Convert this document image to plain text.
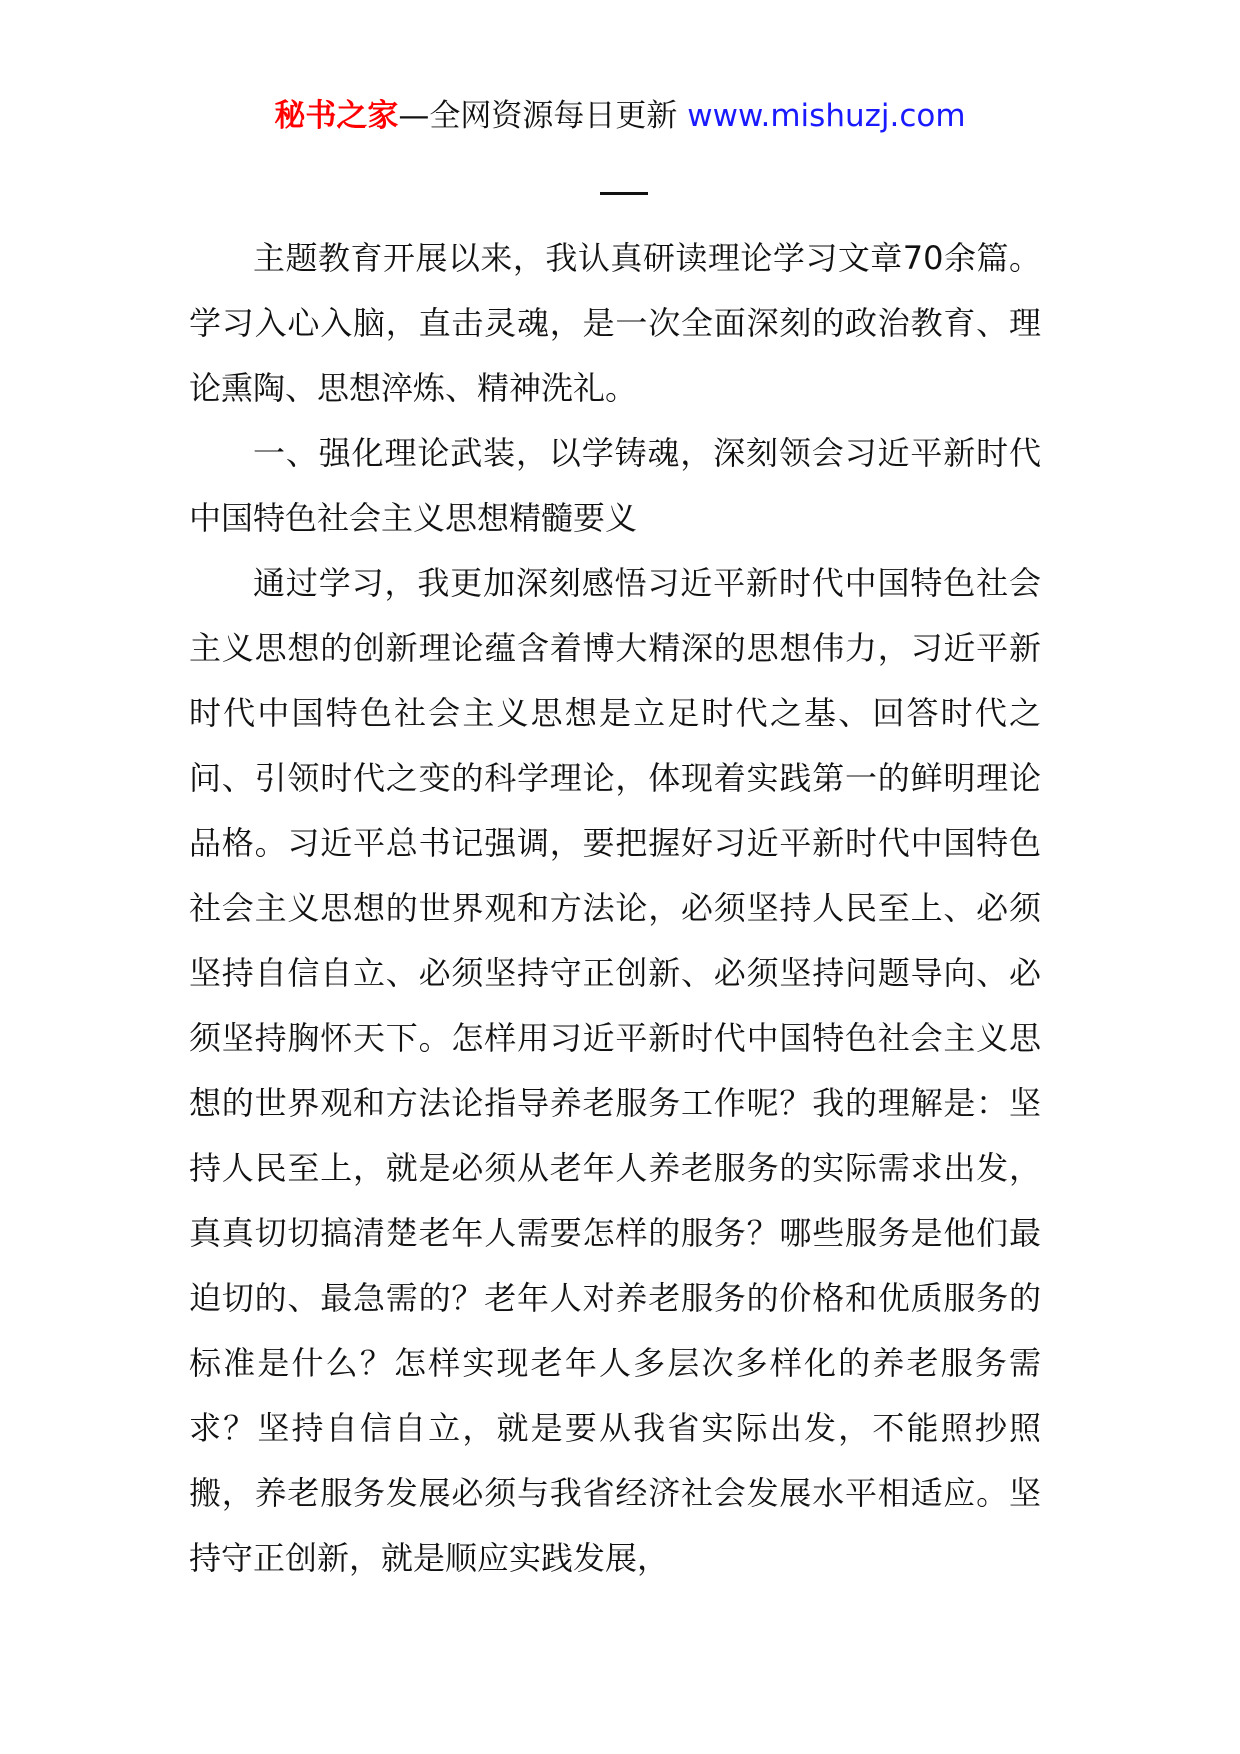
秘书之家—全网资源每日更新 www.mishuzj.com

主题教育开展以来，我认真研读理论学习文章70余篇。学习入心入脑，直击灵魂，是一次全面深刻的政治教育、理论熏陶、思想淬炼、精神洗礼。

一、强化理论武装，以学铸魂，深刻领会习近平新时代中国特色社会主义思想精髓要义

通过学习，我更加深刻感悟习近平新时代中国特色社会主义思想的创新理论蕴含着博大精深的思想伟力，习近平新时代中国特色社会主义思想是立足时代之基、回答时代之问、引领时代之变的科学理论，体现着实践第一的鲜明理论品格。习近平总书记强调，要把握好习近平新时代中国特色社会主义思想的世界观和方法论，必须坚持人民至上、必须坚持自信自立、必须坚持守正创新、必须坚持问题导向、必须坚持胸怀天下。怎样用习近平新时代中国特色社会主义思想的世界观和方法论指导养老服务工作呢？我的理解是：坚持人民至上，就是必须从老年人养老服务的实际需求出发，真真切切搞清楚老年人需要怎样的服务？哪些服务是他们最迫切的、最急需的？老年人对养老服务的价格和优质服务的标准是什么？怎样实现老年人多层次多样化的养老服务需求？坚持自信自立，就是要从我省实际出发，不能照抄照搬，养老服务发展必须与我省经济社会发展水平相适应。坚持守正创新，就是顺应实践发展，
